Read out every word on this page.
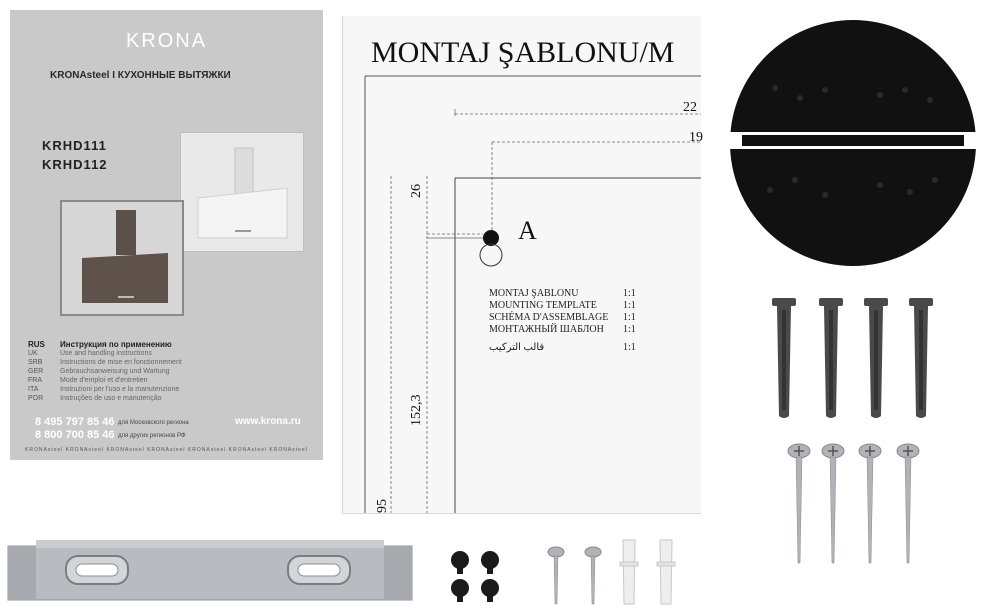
KRONA
KRONAsteel I КУХОННЫЕ ВЫТЯЖКИ
KRHD111
KRHD112
RUS Инструкция по применению
UK	Use and handling instructions
SRB	Instructions de mise en fonctionnement
GER Gebrauchsanweisung und Wartung
FRA	Mode d'emploi et d'entretien
ITA	Instruzioni per l'uso e la manutenzione
POR Instruções de uso e manutenção
8 495 797 85 46 для Московского региона
8 800 700 85 46 для других регионов РФ
www.krona.ru
KRONAsteel KRONAsteel KRONAsteel KRONAsteel KRONAsteel KRONAsteel KRONAsteel
MONTAJ ŞABLONU/M
22
19
26
152,3
95
A
MONTAJ ŞABLONU	1:1
MOUNTING TEMPLATE	1:1
SCHÉMA D'ASSEMBLAGE 1:1
МОНТАЖНЫЙ ШАБЛОН 1:1
قالب التركيب	1:1
